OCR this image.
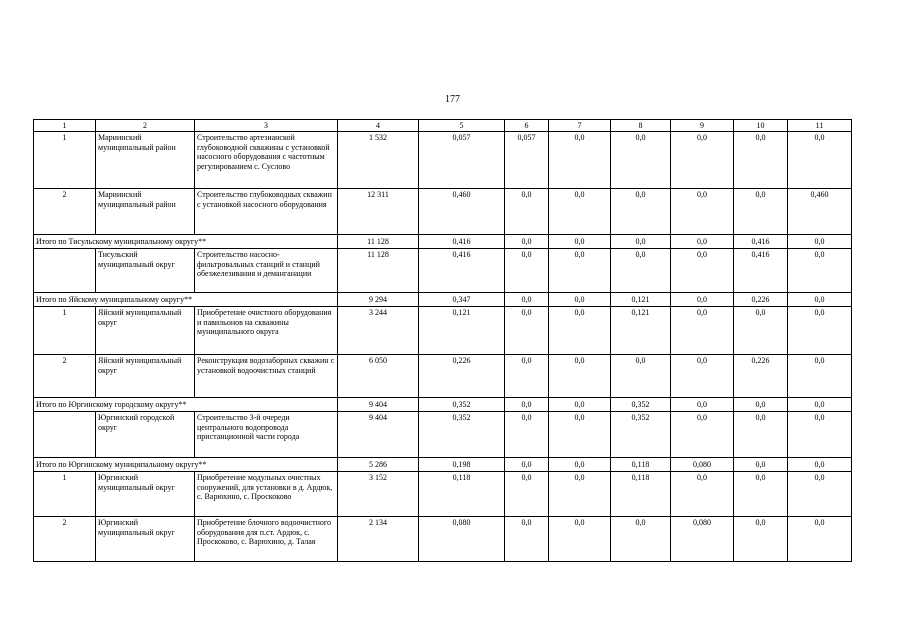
177
1	2	3	4	5	6	7	8	9	10	11
1	Мариинский муниципальный район	Строительство артезианской глубоководной скважины с установкой насосного оборудования с частотным регулированием с. Суслово	1 532	0,057	0,057	0,0	0,0	0,0	0,0	0,0
2	Мариинский муниципальный район	Строительство глубоководных скважин с установкой насосного оборудования	12 311	0,460	0,0	0,0	0,0	0,0	0,0	0,460
Итого по Тисульскому муниципальному округу**			11 128	0,416	0,0	0,0	0,0	0,0	0,416	0,0
	Тисульский муниципальный округ	Строительство насосно-фильтровальных станций и станций обезжелезивания и деманганации	11 128	0,416	0,0	0,0	0,0	0,0	0,416	0,0
Итого по Яйскому муниципальному округу**			9 294	0,347	0,0	0,0	0,121	0,0	0,226	0,0
1	Яйский муниципальный округ	Приобретение очистного оборудования и павильонов на скважины муниципального округа	3 244	0,121	0,0	0,0	0,121	0,0	0,0	0,0
2	Яйский муниципальный округ	Реконструкция водозаборных скважин с установкой водоочистных станций	6 050	0,226	0,0	0,0	0,0	0,0	0,226	0,0
Итого по Юргинскому городскому округу**			9 404	0,352	0,0	0,0	0,352	0,0	0,0	0,0
	Юргинский городской округ	Строительство 3-й очереди центрального водопровода пристанционной части города	9 404	0,352	0,0	0,0	0,352	0,0	0,0	0,0
Итого по Юргинскому муниципальному округу**			5 286	0,198	0,0	0,0	0,118	0,080	0,0	0,0
1	Юргинский муниципальный округ	Приобретение модульных очистных сооружений, для установки в д. Ардюк, с. Варюхино, с. Проскоково	3 152	0,118	0,0	0,0	0,118	0,0	0,0	0,0
2	Юргинский муниципальный округ	Приобретение блочного водоочистного оборудования для п.ст. Ардюк, с. Проскоково, с. Варюхино, д. Талая	2 134	0,080	0,0	0,0	0,0	0,080	0,0	0,0
